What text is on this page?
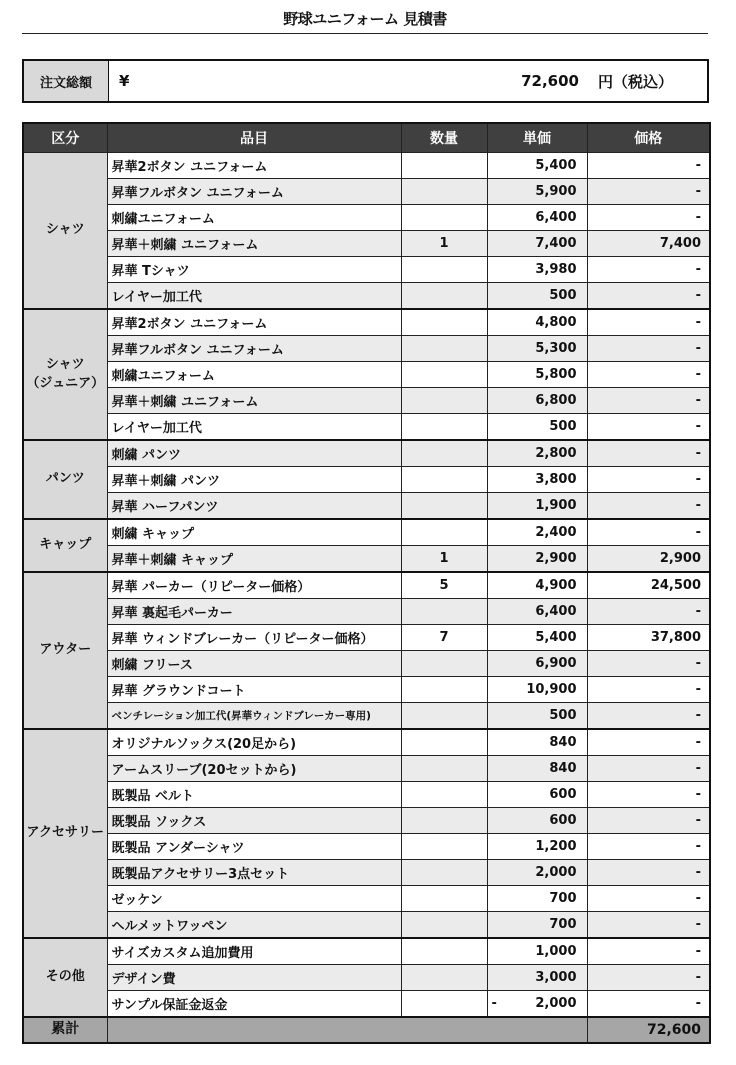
野球ユニフォーム 見積書
注文総額	¥	72,600 円（税込）
区分	品目	数量	単価	価格
シャツ	昇華2ボタン ユニフォーム		5,400	-
	昇華フルボタン ユニフォーム		5,900	-
	刺繍ユニフォーム		6,400	-
	昇華＋刺繍 ユニフォーム	1	7,400	7,400
	昇華 Tシャツ		3,980	-
	レイヤー加工代		500	-
シャツ
（ジュニア）	昇華2ボタン ユニフォーム		4,800	-
	昇華フルボタン ユニフォーム		5,300	-
	刺繍ユニフォーム		5,800	-
	昇華＋刺繍 ユニフォーム		6,800	-
	レイヤー加工代		500	-
パンツ	刺繍 パンツ		2,800	-
	昇華＋刺繍 パンツ		3,800	-
	昇華 ハーフパンツ		1,900	-
キャップ	刺繍 キャップ		2,400	-
	昇華＋刺繍 キャップ	1	2,900	2,900
アウター	昇華 パーカー（リピーター価格）	5	4,900	24,500
	昇華 裏起毛パーカー		6,400	-
	昇華 ウィンドブレーカー（リピーター価格）	7	5,400	37,800
	刺繍 フリース		6,900	-
	昇華 グラウンドコート		10,900	-
	ベンチレーション加工代(昇華ウィンドブレーカー専用)		500	-
アクセサリー	オリジナルソックス(20足から)		840	-
	アームスリーブ(20セットから)		840	-
	既製品 ベルト		600	-
	既製品 ソックス		600	-
	既製品 アンダーシャツ		1,200	-
	既製品アクセサリー3点セット		2,000	-
	ゼッケン		700	-
	ヘルメットワッペン		700	-
その他	サイズカスタム追加費用		1,000	-
	デザイン費		3,000	-
	サンプル保証金返金		- 2,000	-
累計				72,600
